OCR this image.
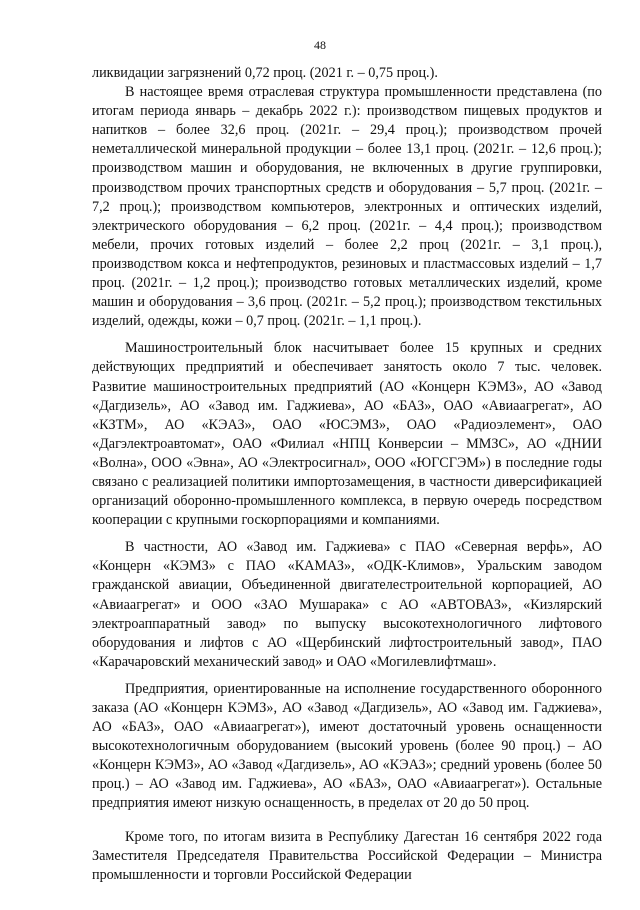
48

ликвидации загрязнений 0,72 проц. (2021 г. – 0,75 проц.).

В настоящее время отраслевая структура промышленности представлена (по итогам периода январь – декабрь 2022 г.): производством пищевых продуктов и напитков – более 32,6 проц. (2021г. – 29,4 проц.); производством прочей неметаллической минеральной продукции – более 13,1 проц. (2021г. – 12,6 проц.); производством машин и оборудования, не включенных в другие группировки, производством прочих транспортных средств и оборудования – 5,7 проц. (2021г. – 7,2 проц.); производством компьютеров, электронных и оптических изделий, электрического оборудования – 6,2 проц. (2021г. – 4,4 проц.); производством мебели, прочих готовых изделий – более 2,2 проц (2021г. – 3,1 проц.), производством кокса и нефтепродуктов, резиновых и пластмассовых изделий – 1,7 проц. (2021г. – 1,2 проц.); производство готовых металлических изделий, кроме машин и оборудования – 3,6 проц. (2021г. – 5,2 проц.); производством текстильных изделий, одежды, кожи – 0,7 проц. (2021г. – 1,1 проц.).

Машиностроительный блок насчитывает более 15 крупных и средних действующих предприятий и обеспечивает занятость около 7 тыс. человек. Развитие машиностроительных предприятий (АО «Концерн КЭМЗ», АО «Завод «Дагдизель», АО «Завод им. Гаджиева», АО «БАЗ», ОАО «Авиаагрегат», АО «КЗТМ», АО «КЭАЗ», ОАО «ЮСЭМЗ», ОАО «Радиоэлемент», ОАО «Дагэлектроавтомат», ОАО «Филиал «НПЦ Конверсии – ММЗС», АО «ДНИИ «Волна», ООО «Эвна», АО «Электросигнал», ООО «ЮГСГЭМ») в последние годы связано с реализацией политики импортозамещения, в частности диверсификацией организаций оборонно-промышленного комплекса, в первую очередь посредством кооперации с крупными госкорпорациями и компаниями.

В частности, АО «Завод им. Гаджиева» с ПАО «Северная верфь», АО «Концерн «КЭМЗ» с ПАО «КАМАЗ», «ОДК-Климов», Уральским заводом гражданской авиации, Объединенной двигателестроительной корпорацией, АО «Авиаагрегат» и ООО «ЗАО Мушарака» с АО «АВТОВАЗ», «Кизлярский электроаппаратный завод» по выпуску высокотехнологичного лифтового оборудования и лифтов с АО «Щербинский лифтостроительный завод», ПАО «Карачаровский механический завод» и ОАО «Могилевлифтмаш».

Предприятия, ориентированные на исполнение государственного оборонного заказа (АО «Концерн КЭМЗ», АО «Завод «Дагдизель», АО «Завод им. Гаджиева», АО «БАЗ», ОАО «Авиаагрегат»), имеют достаточный уровень оснащенности высокотехнологичным оборудованием (высокий уровень (более 90 проц.) – АО «Концерн КЭМЗ», АО «Завод «Дагдизель», АО «КЭАЗ»; средний уровень (более 50 проц.) – АО «Завод им. Гаджиева», АО «БАЗ», ОАО «Авиаагрегат»). Остальные предприятия имеют низкую оснащенность, в пределах от 20 до 50 проц.

Кроме того, по итогам визита в Республику Дагестан 16 сентября 2022 года Заместителя Председателя Правительства Российской Федерации – Министра промышленности и торговли Российской Федерации
